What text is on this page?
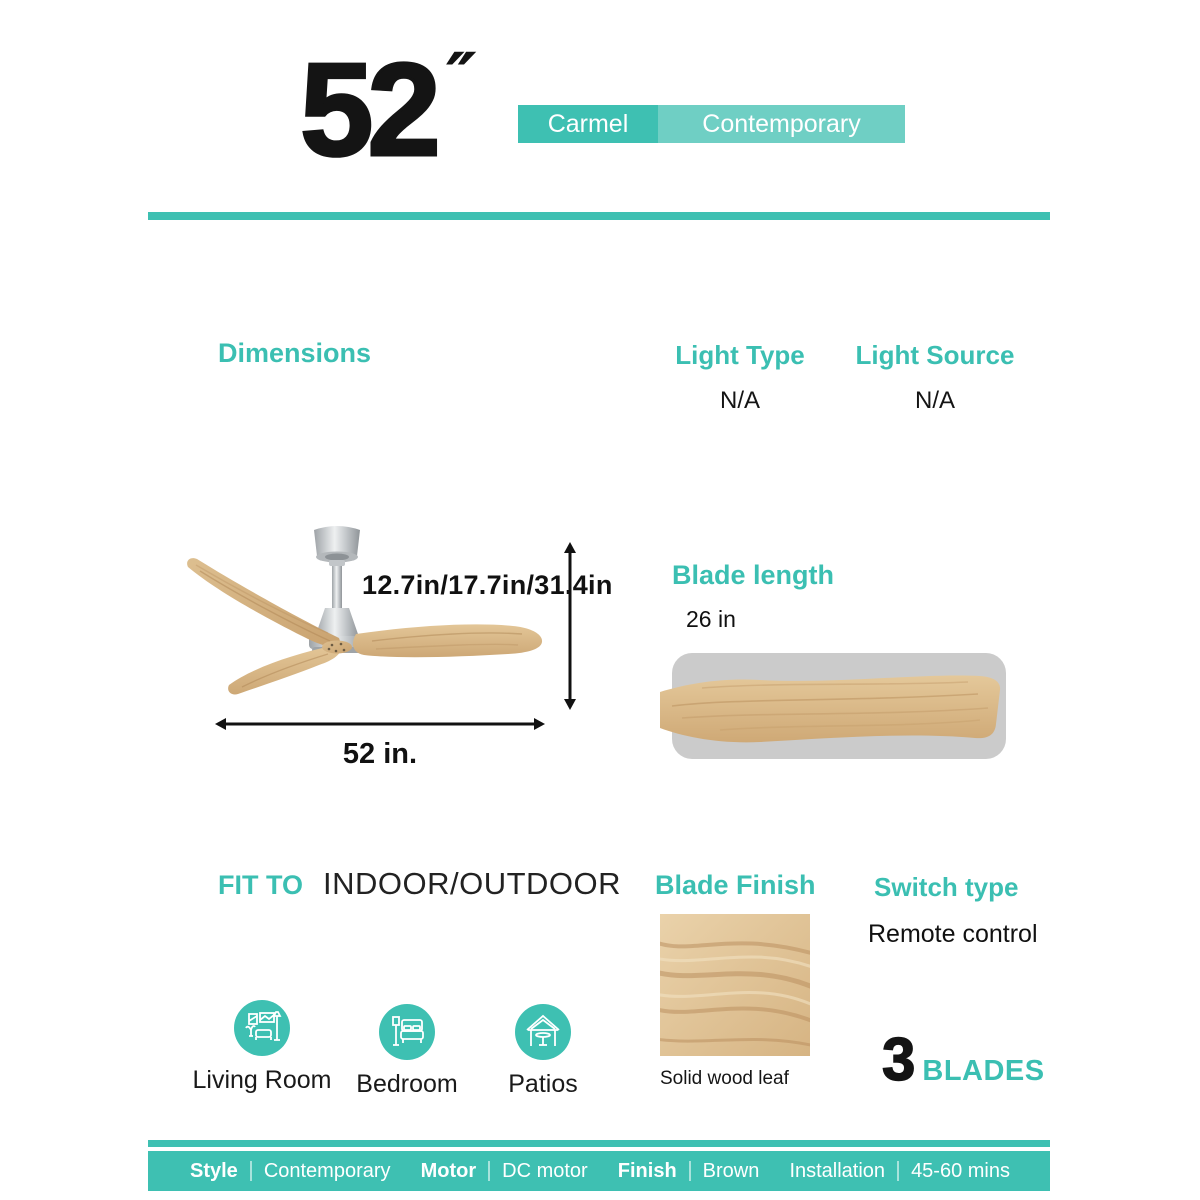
52 ″
Carmel	Contemporary
Dimensions	Light Type
N/A
Light Source
N/A
12.7in/17.7in/31.4in
52 in.
Blade length
26 in
FIT TO INDOOR/OUTDOOR
Living Room Bedroom	Patios
Blade Finish
Solid wood leaf
Switch type
Remote control
3 BLADES
Style Contemporary Motor DC motor Finish Brown Installation 45-60 mins
